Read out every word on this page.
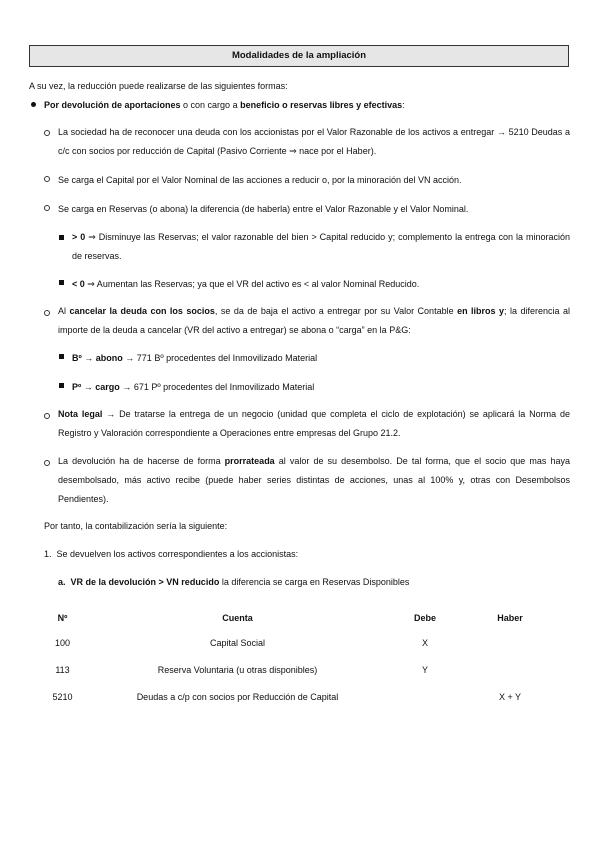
Modalidades de la ampliación
A su vez, la reducción puede realizarse de las siguientes formas:
Por devolución de aportaciones o con cargo a beneficio o reservas libres y efectivas:
La sociedad ha de reconocer una deuda con los accionistas por el Valor Razonable de los activos a entregar → 5210 Deudas a c/c con socios por reducción de Capital (Pasivo Corriente ⇒ nace por el Haber).
Se carga el Capital por el Valor Nominal de las acciones a reducir o, por la minoración del VN acción.
Se carga en Reservas (o abona) la diferencia (de haberla) entre el Valor Razonable y el Valor Nominal.
> 0 ⇒ Disminuye las Reservas; el valor razonable del bien > Capital reducido y; complemento la entrega con la minoración de reservas.
< 0 ⇒ Aumentan las Reservas; ya que el VR del activo es < al valor Nominal Reducido.
Al cancelar la deuda con los socios, se da de baja el activo a entregar por su Valor Contable en libros y; la diferencia al importe de la deuda a cancelar (VR del activo a entregar) se abona o “carga” en la P&G:
Bº → abono → 771 Bº procedentes del Inmovilizado Material
Pº → cargo → 671 Pº procedentes del Inmovilizado Material
Nota legal → De tratarse la entrega de un negocio (unidad que completa el ciclo de explotación) se aplicará la Norma de Registro y Valoración correspondiente a Operaciones entre empresas del Grupo 21.2.
La devolución ha de hacerse de forma prorrateada al valor de su desembolso. De tal forma, que el socio que mas haya desembolsado, más activo recibe (puede haber series distintas de acciones, unas al 100% y, otras con Desembolsos Pendientes).
Por tanto, la contabilización sería la siguiente:
1. Se devuelven los activos correspondientes a los accionistas:
a. VR de la devolución > VN reducido la diferencia se carga en Reservas Disponibles
Nº	Cuenta	Debe	Haber
100	Capital Social	X	
113	Reserva Voluntaria (u otras disponibles)	Y	
5210	Deudas a c/p con socios por Reducción de Capital		X + Y
